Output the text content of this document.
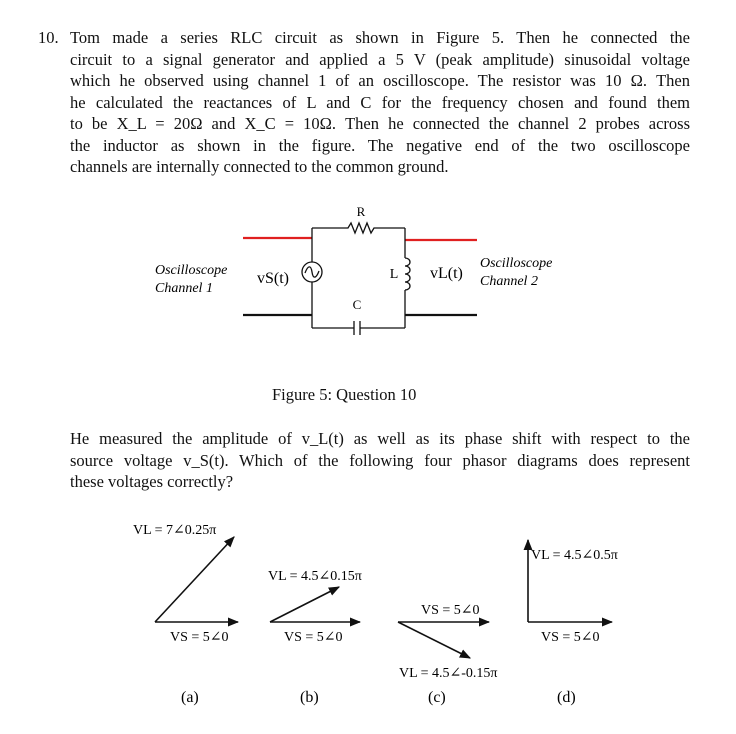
10. Tom made a series RLC circuit as shown in Figure 5. Then he connected the
circuit to a signal generator and applied a 5 V (peak amplitude) sinusoidal voltage
which he observed using channel 1 of an oscilloscope. The resistor was 10 Ω. Then
he calculated the reactances of L and C for the frequency chosen and found them
to be X_L = 20Ω and X_C = 10Ω. Then he connected the channel 2 probes across
the inductor as shown in the figure. The negative end of the two oscilloscope
channels are internally connected to the common ground.
R
C
L
vS(t)	vL(t)
Oscilloscope
Channel 1
Oscilloscope
Channel 2
Figure 5: Question 10
He measured the amplitude of v_L(t) as well as its phase shift with respect to the
source voltage v_S(t). Which of the following four phasor diagrams does represent
these voltages correctly?
VL = 7∠0.25π
VS = 5∠0
(a)
VL = 4.5∠0.15π
VS = 5∠0
(b)
VS = 5∠0
VL = 4.5∠-0.15π
(c)
VL = 4.5∠0.5π
VS = 5∠0
(d)
